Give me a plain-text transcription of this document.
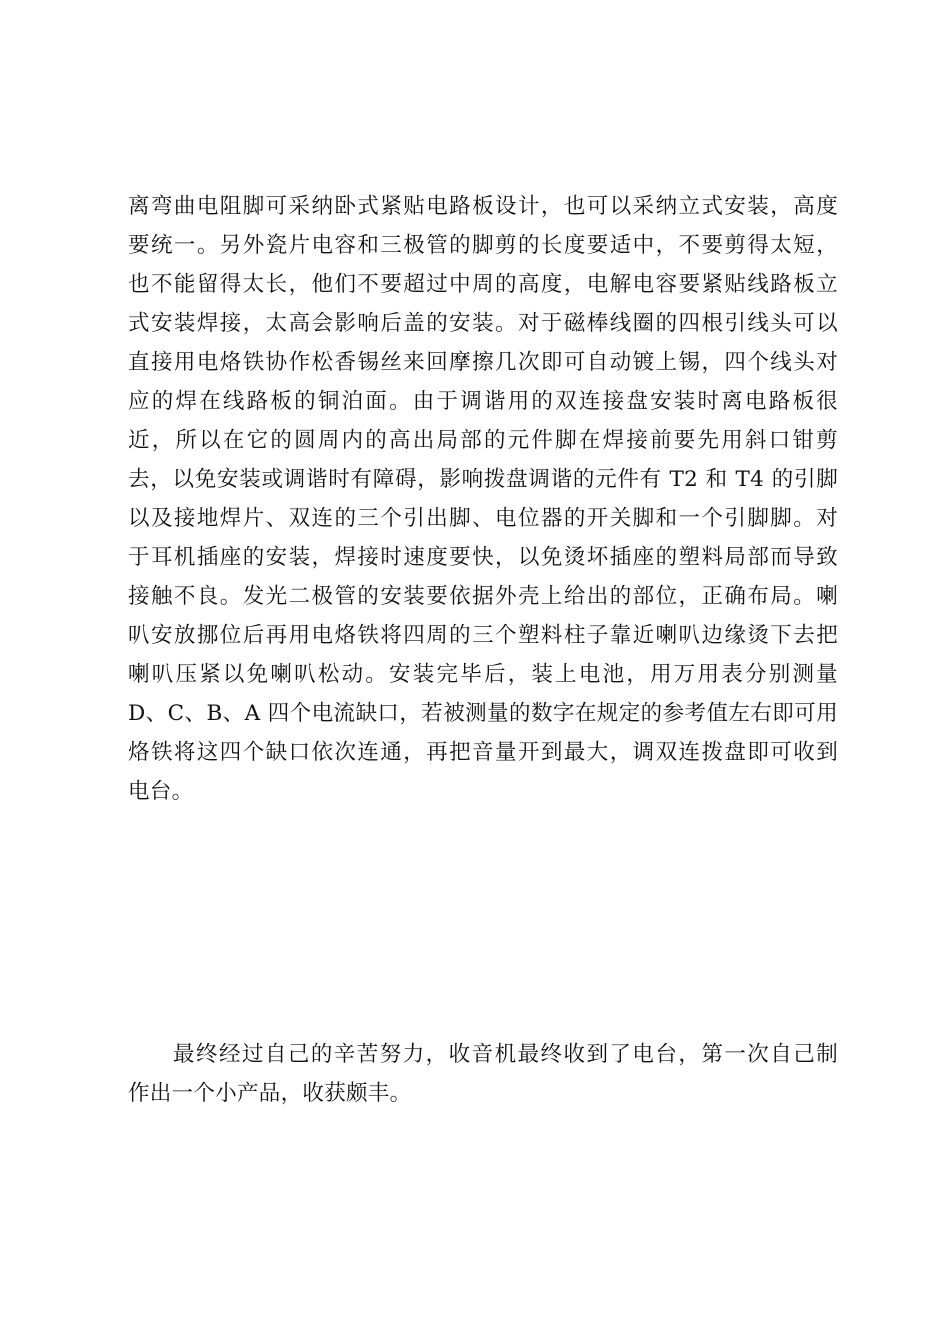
离弯曲电阻脚可采纳卧式紧贴电路板设计，也可以采纳立式安装，高度
要统一。另外瓷片电容和三极管的脚剪的长度要适中，不要剪得太短，
也不能留得太长，他们不要超过中周的高度，电解电容要紧贴线路板立
式安装焊接，太高会影响后盖的安装。对于磁棒线圈的四根引线头可以
直接用电烙铁协作松香锡丝来回摩擦几次即可自动镀上锡，四个线头对
应的焊在线路板的铜泊面。由于调谐用的双连接盘安装时离电路板很
近，所以在它的圆周内的高出局部的元件脚在焊接前要先用斜口钳剪
去，以免安装或调谐时有障碍，影响拨盘调谐的元件有 T2 和 T4 的引脚
以及接地焊片、双连的三个引出脚、电位器的开关脚和一个引脚脚。对
于耳机插座的安装，焊接时速度要快，以免烫坏插座的塑料局部而导致
接触不良。发光二极管的安装要依据外壳上给出的部位，正确布局。喇
叭安放挪位后再用电烙铁将四周的三个塑料柱子靠近喇叭边缘烫下去把
喇叭压紧以免喇叭松动。安装完毕后，装上电池，用万用表分别测量
D、C、B、A 四个电流缺口，若被测量的数字在规定的参考值左右即可用
烙铁将这四个缺口依次连通，再把音量开到最大，调双连拨盘即可收到
电台。
最终经过自己的辛苦努力，收音机最终收到了电台，第一次自己制
作出一个小产品，收获颇丰。
